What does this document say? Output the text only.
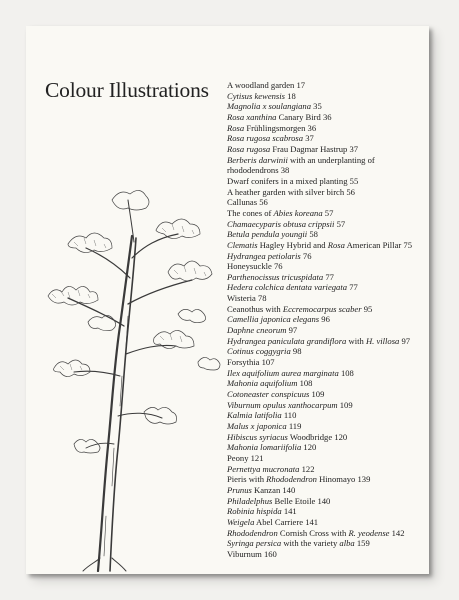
Colour Illustrations A woodland garden 17
Cytisus kewensis 18
Magnolia x soulangiana 35
Rosa xanthina Canary Bird 36
Rosa Frühlingsmorgen 36
Rosa rugosa scabrosa 37
Rosa rugosa Frau Dagmar Hastrup 37
Berberis darwinii with an underplanting of rhododendrons 38
Dwarf conifers in a mixed planting 55
A heather garden with silver birch 56
Callunas 56
The cones of Abies koreana 57
Chamaecyparis obtusa crippsii 57
Betula pendula youngii 58
Clematis Hagley Hybrid and Rosa American Pillar 75
Hydrangea petiolaris 76
Honeysuckle 76
Parthenocissus tricuspidata 77
Hedera colchica dentata variegata 77
Wisteria 78
Ceanothus with Eccremocarpus scaber 95
Camellia japonica elegans 96
Daphne cneorum 97
Hydrangea paniculata grandiflora with H. villosa 97
Cotinus coggygria 98
Forsythia 107
Ilex aquifolium aurea marginata 108
Mahonia aquifolium 108
Cotoneaster conspicuus 109
Viburnum opulus xanthocarpum 109
Kalmia latifolia 110
Malus x japonica 119
Hibiscus syriacus Woodbridge 120
Mahonia lomariifolia 120
Peony 121
Pernettya mucronata 122
Pieris with Rhododendron Hinomayo 139
Prunus Kanzan 140
Philadelphus Belle Etoile 140
Robinia hispida 141
Weigela Abel Carriere 141
Rhododendron Cornish Cross with R. yeodense 142
Syringa persica with the variety alba 159
Viburnum 160
